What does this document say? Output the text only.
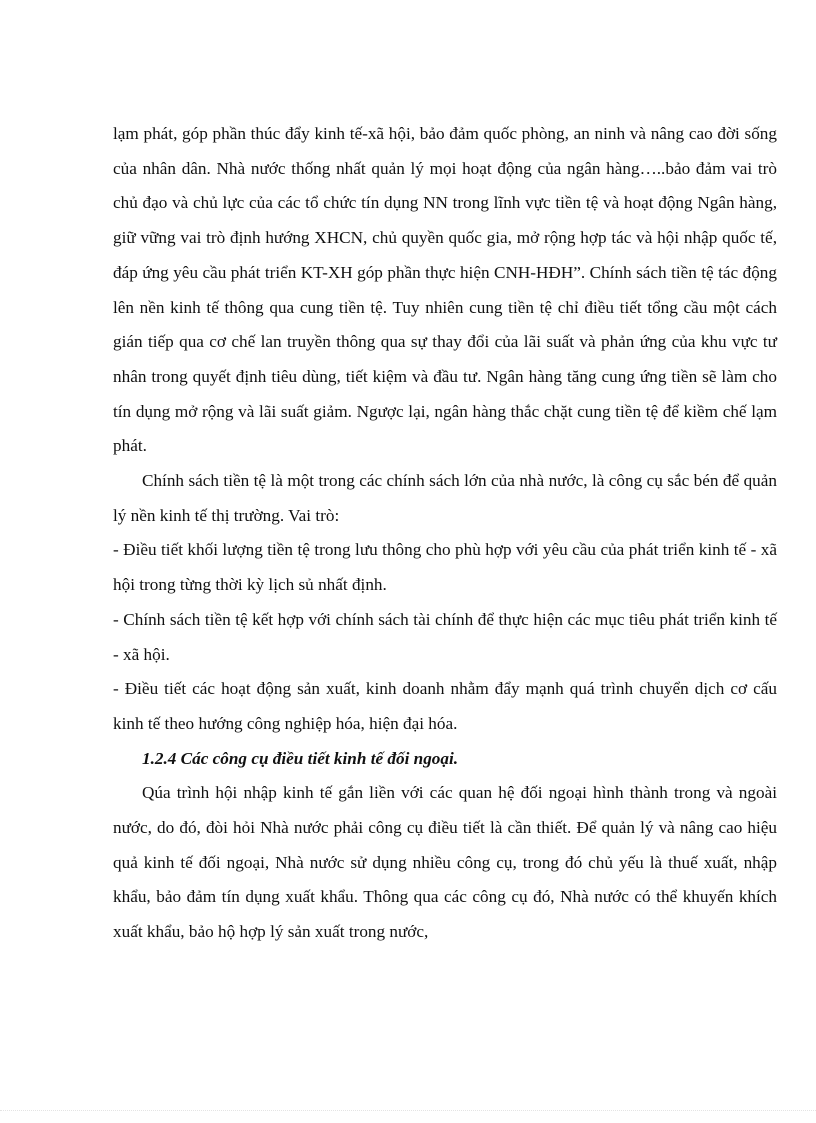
lạm phát, góp phần thúc đẩy kinh tế-xã hội, bảo đảm quốc phòng, an ninh và nâng cao đời sống của nhân dân. Nhà nước thống nhất quản lý mọi hoạt động của ngân hàng…..bảo đảm vai trò chủ đạo và chủ lực của các tổ chức tín dụng NN trong lĩnh vực tiền tệ và hoạt động Ngân hàng, giữ vững vai trò định hướng XHCN, chủ quyền quốc gia, mở rộng hợp tác và hội nhập quốc tế, đáp ứng yêu cầu phát triển KT-XH góp phần thực hiện CNH-HĐH”. Chính sách tiền tệ tác động lên nền kinh tế thông qua cung tiền tệ. Tuy nhiên cung tiền tệ chỉ điều tiết tổng cầu một cách gián tiếp qua cơ chế lan truyền thông qua sự thay đổi của lãi suất và phản ứng của khu vực tư nhân trong quyết định tiêu dùng, tiết kiệm và đầu tư. Ngân hàng tăng cung ứng tiền sẽ làm cho tín dụng mở rộng và lãi suất giảm. Ngược lại, ngân hàng thắc chặt cung tiền tệ để kiềm chế lạm phát.

Chính sách tiền tệ là một trong các chính sách lớn của nhà nước, là công cụ sắc bén để quản lý nền kinh tế thị trường. Vai trò:

- Điều tiết khối lượng tiền tệ trong lưu thông cho phù hợp với yêu cầu của phát triển kinh tế - xã hội trong từng thời kỳ lịch sủ nhất định.

- Chính sách tiền tệ kết hợp với chính sách tài chính để thực hiện các mục tiêu phát triển kinh tế - xã hội.

- Điều tiết các hoạt động sản xuất, kinh doanh nhằm đẩy mạnh quá trình chuyển dịch cơ cấu kinh tế theo hướng công nghiệp hóa, hiện đại hóa.

1.2.4 Các công cụ điều tiết kinh tế đối ngoại.

Qúa trình hội nhập kinh tế gắn liền với các quan hệ đối ngoại hình thành trong và ngoài nước, do đó, đòi hỏi Nhà nước phải công cụ điều tiết là cần thiết. Để quản lý và nâng cao hiệu quả kinh tế đối ngoại, Nhà nước sử dụng nhiều công cụ, trong đó chủ yếu là thuế xuất, nhập khẩu, bảo đảm tín dụng xuất khẩu. Thông qua các công cụ đó, Nhà nước có thể khuyến khích xuất khẩu, bảo hộ hợp lý sản xuất trong nước,
